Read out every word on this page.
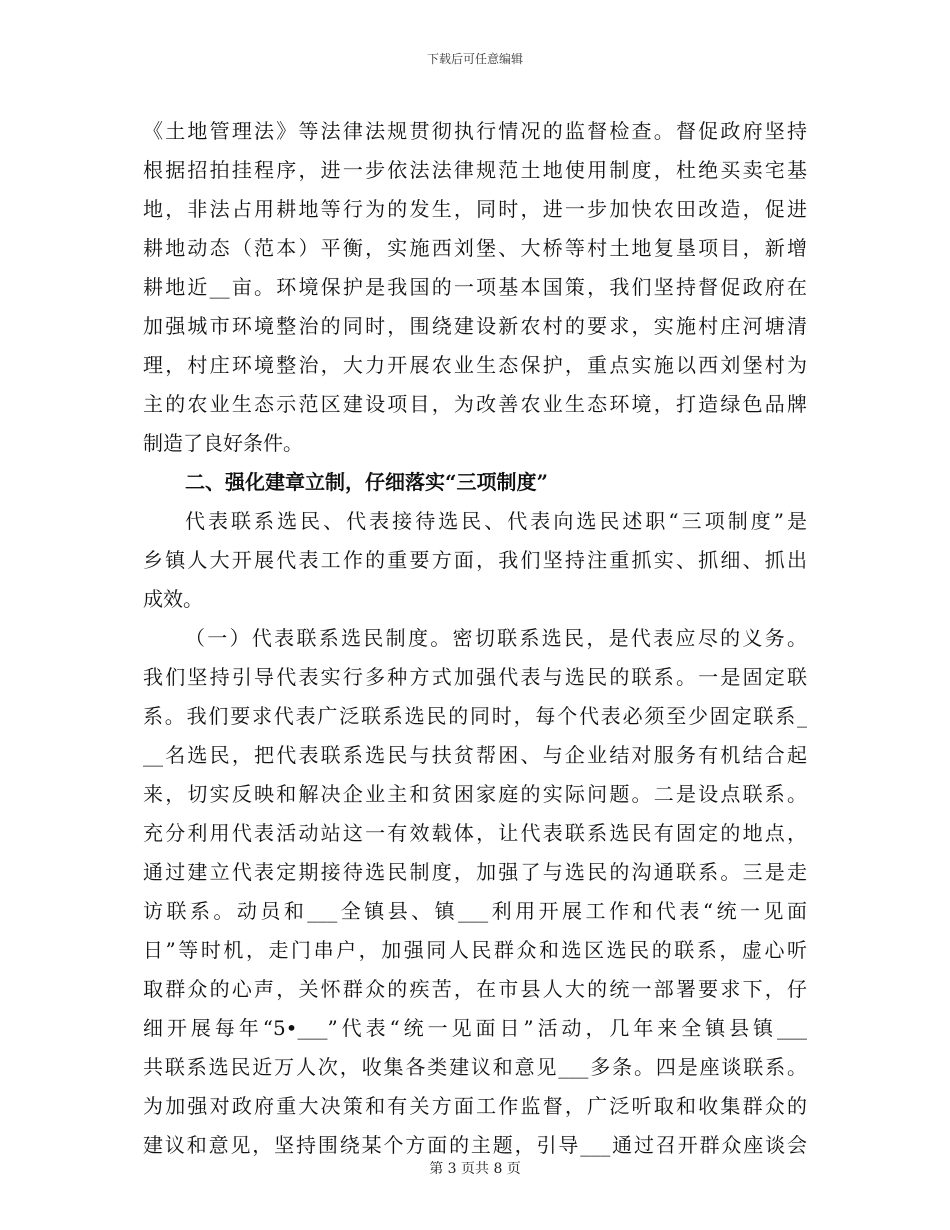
下载后可任意编辑
《土地管理法》等法律法规贯彻执行情况的监督检查。督促政府坚持
根据招拍挂程序，进一步依法法律规范土地使用制度，杜绝买卖宅基
地，非法占用耕地等行为的发生，同时，进一步加快农田改造，促进
耕地动态（范本）平衡，实施西刘堡、大桥等村土地复垦项目，新增
耕地近__亩。环境保护是我国的一项基本国策，我们坚持督促政府在
加强城市环境整治的同时，围绕建设新农村的要求，实施村庄河塘清
理，村庄环境整治，大力开展农业生态保护，重点实施以西刘堡村为
主的农业生态示范区建设项目，为改善农业生态环境，打造绿色品牌
制造了良好条件。
二、强化建章立制，仔细落实“三项制度”
代表联系选民、代表接待选民、代表向选民述职“三项制度”是
乡镇人大开展代表工作的重要方面，我们坚持注重抓实、抓细、抓出
成效。
（一）代表联系选民制度。密切联系选民，是代表应尽的义务。
我们坚持引导代表实行多种方式加强代表与选民的联系。一是固定联
系。我们要求代表广泛联系选民的同时，每个代表必须至少固定联系_
__名选民，把代表联系选民与扶贫帮困、与企业结对服务有机结合起
来，切实反映和解决企业主和贫困家庭的实际问题。二是设点联系。
充分利用代表活动站这一有效载体，让代表联系选民有固定的地点，
通过建立代表定期接待选民制度，加强了与选民的沟通联系。三是走
访联系。动员和___全镇县、镇___利用开展工作和代表“统一见面
日”等时机，走门串户，加强同人民群众和选区选民的联系，虚心听
取群众的心声，关怀群众的疾苦，在市县人大的统一部署要求下，仔
细开展每年“5•___”代表“统一见面日”活动，几年来全镇县镇___
共联系选民近万人次，收集各类建议和意见___多条。四是座谈联系。
为加强对政府重大决策和有关方面工作监督，广泛听取和收集群众的
建议和意见，坚持围绕某个方面的主题，引导___通过召开群众座谈会
第 3 页共 8 页
